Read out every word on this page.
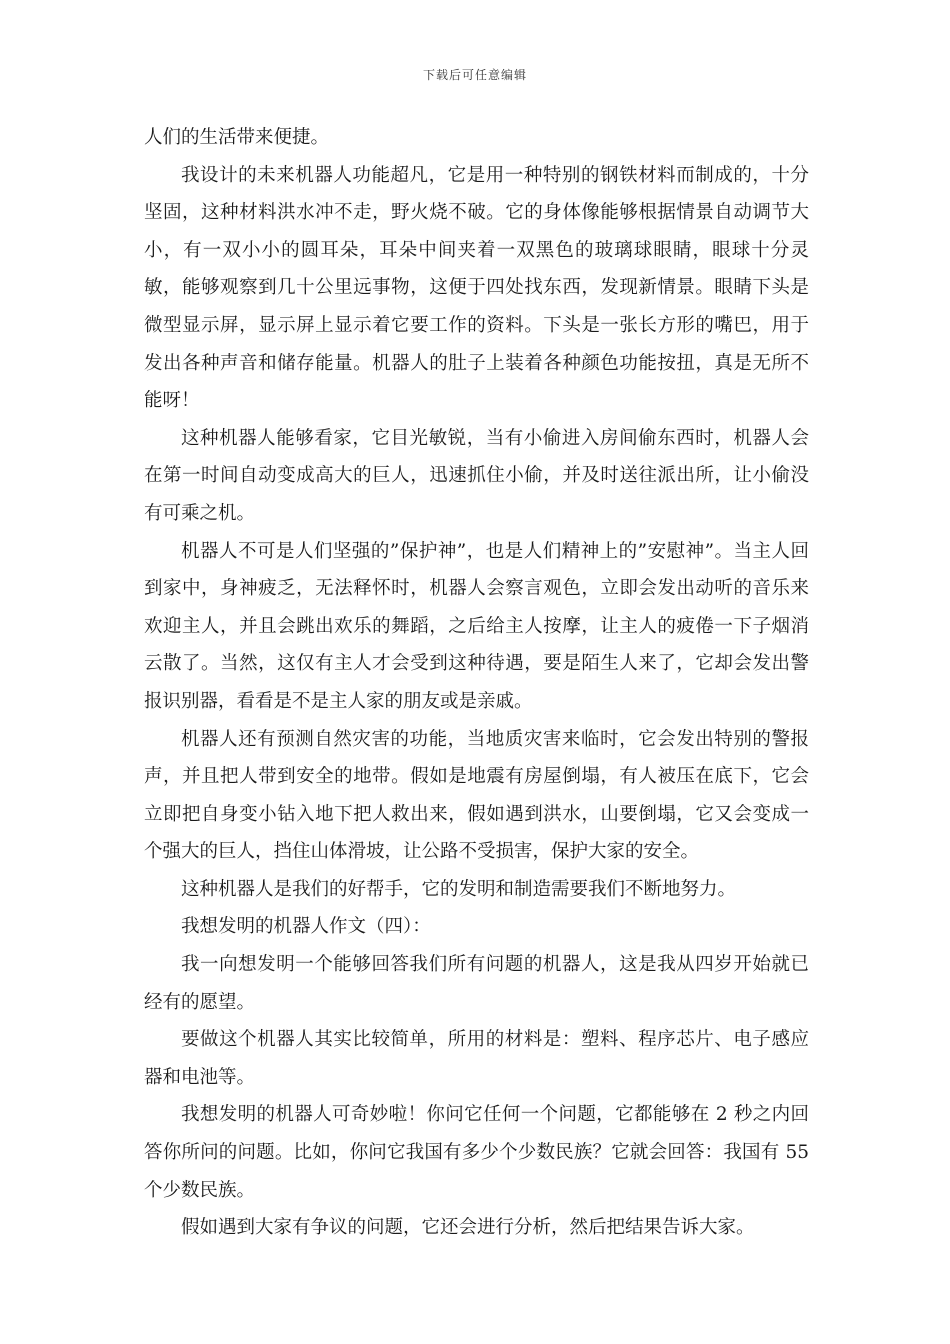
下载后可任意编辑

人们的生活带来便捷。

我设计的未来机器人功能超凡，它是用一种特别的钢铁材料而制成的，十分坚固，这种材料洪水冲不走，野火烧不破。它的身体像能够根据情景自动调节大小，有一双小小的圆耳朵，耳朵中间夹着一双黑色的玻璃球眼睛，眼球十分灵敏，能够观察到几十公里远事物，这便于四处找东西，发现新情景。眼睛下头是微型显示屏，显示屏上显示着它要工作的资料。下头是一张长方形的嘴巴，用于发出各种声音和储存能量。机器人的肚子上装着各种颜色功能按扭，真是无所不能呀！

这种机器人能够看家，它目光敏锐，当有小偷进入房间偷东西时，机器人会在第一时间自动变成高大的巨人，迅速抓住小偷，并及时送往派出所，让小偷没有可乘之机。

机器人不可是人们坚强的”保护神”，也是人们精神上的”安慰神”。当主人回到家中，身神疲乏，无法释怀时，机器人会察言观色，立即会发出动听的音乐来欢迎主人，并且会跳出欢乐的舞蹈，之后给主人按摩，让主人的疲倦一下子烟消云散了。当然，这仅有主人才会受到这种待遇，要是陌生人来了，它却会发出警报识别器，看看是不是主人家的朋友或是亲戚。

机器人还有预测自然灾害的功能，当地质灾害来临时，它会发出特别的警报声，并且把人带到安全的地带。假如是地震有房屋倒塌，有人被压在底下，它会立即把自身变小钻入地下把人救出来，假如遇到洪水，山要倒塌，它又会变成一个强大的巨人，挡住山体滑坡，让公路不受损害，保护大家的安全。

这种机器人是我们的好帮手，它的发明和制造需要我们不断地努力。

我想发明的机器人作文（四）：

我一向想发明一个能够回答我们所有问题的机器人，这是我从四岁开始就已经有的愿望。

要做这个机器人其实比较简单，所用的材料是：塑料、程序芯片、电子感应器和电池等。

我想发明的机器人可奇妙啦！你问它任何一个问题，它都能够在 2 秒之内回答你所问的问题。比如，你问它我国有多少个少数民族？它就会回答：我国有 55 个少数民族。

假如遇到大家有争议的问题，它还会进行分析，然后把结果告诉大家。
